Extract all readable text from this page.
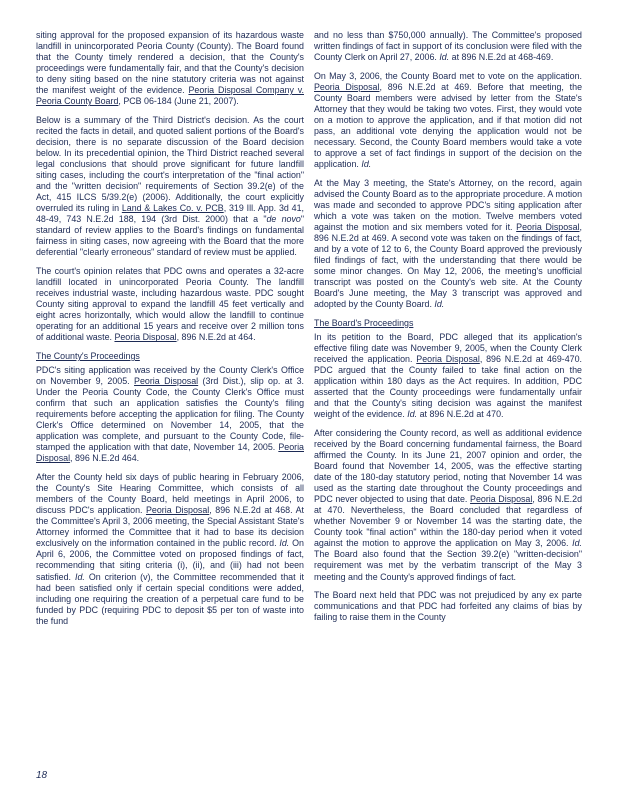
siting approval for the proposed expansion of its hazardous waste landfill in unincorporated Peoria County (County). The Board found that the County timely rendered a decision, that the County's proceedings were fundamentally fair, and that the County's decision to deny siting based on the nine statutory criteria was not against the manifest weight of the evidence. Peoria Disposal Company v. Peoria County Board, PCB 06-184 (June 21, 2007).

Below is a summary of the Third District's decision. As the court recited the facts in detail, and quoted salient portions of the Board's decision, there is no separate discussion of the Board decision below. In its precedential opinion, the Third District reached several legal conclusions that should prove significant for future landfill siting cases, including the court's interpretation of the "final action" and the "written decision" requirements of Section 39.2(e) of the Act, 415 ILCS 5/39.2(e) (2006). Additionally, the court explicitly overruled its ruling in Land & Lakes Co. v. PCB, 319 Ill. App. 3d 41, 48-49, 743 N.E.2d 188, 194 (3rd Dist. 2000) that a "de novo" standard of review applies to the Board's findings on fundamental fairness in siting cases, now agreeing with the Board that the more deferential "clearly erroneous" standard of review must be applied.

The court's opinion relates that PDC owns and operates a 32-acre landfill located in unincorporated Peoria County. The landfill receives industrial waste, including hazardous waste. PDC sought County siting approval to expand the landfill 45 feet vertically and eight acres horizontally, which would allow the landfill to continue operating for an additional 15 years and receive over 2 million tons of additional waste. Peoria Disposal, 896 N.E.2d at 464.

The County's Proceedings

PDC's siting application was received by the County Clerk's Office on November 9, 2005. Peoria Disposal (3rd Dist.), slip op. at 3. Under the Peoria County Code, the County Clerk's Office must confirm that such an application satisfies the County's filing requirements before accepting the application for filing. The County Clerk's Office determined on November 14, 2005, that the application was complete, and pursuant to the County Code, file-stamped the application with that date, November 14, 2005. Peoria Disposal, 896 N.E.2d 464.

After the County held six days of public hearing in February 2006, the County's Site Hearing Committee, which consists of all members of the County Board, held meetings in April 2006, to discuss PDC's application. Peoria Disposal, 896 N.E.2d at 468. At the Committee's April 3, 2006 meeting, the Special Assistant State's Attorney informed the Committee that it had to base its decision exclusively on the information contained in the public record. Id. On April 6, 2006, the Committee voted on proposed findings of fact, recommending that siting criteria (i), (ii), and (iii) had not been satisfied. Id. On criterion (v), the Committee recommended that it had been satisfied only if certain special conditions were added, including one requiring the creation of a perpetual care fund to be funded by PDC (requiring PDC to deposit $5 per ton of waste into the fund

and no less than $750,000 annually). The Committee's proposed written findings of fact in support of its conclusion were filed with the County Clerk on April 27, 2006. Id. at 896 N.E.2d at 468-469.

On May 3, 2006, the County Board met to vote on the application. Peoria Disposal, 896 N.E.2d at 469. Before that meeting, the County Board members were advised by letter from the State's Attorney that they would be taking two votes. First, they would vote on a motion to approve the application, and if that motion did not pass, an additional vote denying the application would not be necessary. Second, the County Board members would take a vote to approve a set of fact findings in support of the decision on the application. Id.

At the May 3 meeting, the State's Attorney, on the record, again advised the County Board as to the appropriate procedure. A motion was made and seconded to approve PDC's siting application after which a vote was taken on the motion. Twelve members voted against the motion and six members voted for it. Peoria Disposal, 896 N.E.2d at 469. A second vote was taken on the findings of fact, and by a vote of 12 to 6, the County Board approved the previously filed findings of fact, with the understanding that there would be some minor changes. On May 12, 2006, the meeting's unofficial transcript was posted on the County's web site. At the County Board's June meeting, the May 3 transcript was approved and adopted by the County Board. Id.

The Board's Proceedings

In its petition to the Board, PDC alleged that its application's effective filing date was November 9, 2005, when the County Clerk received the application. Peoria Disposal, 896 N.E.2d at 469-470. PDC argued that the County failed to take final action on the application within 180 days as the Act requires. In addition, PDC asserted that the County proceedings were fundamentally unfair and that the County's siting decision was against the manifest weight of the evidence. Id. at 896 N.E.2d at 470.

After considering the County record, as well as additional evidence received by the Board concerning fundamental fairness, the Board affirmed the County. In its June 21, 2007 opinion and order, the Board found that November 14, 2005, was the effective starting date of the 180-day statutory period, noting that November 14 was used as the starting date throughout the County proceedings and PDC never objected to using that date. Peoria Disposal, 896 N.E.2d at 470. Nevertheless, the Board concluded that regardless of whether November 9 or November 14 was the starting date, the County took "final action" within the 180-day period when it voted against the motion to approve the application on May 3, 2006. Id. The Board also found that the Section 39.2(e) "written-decision" requirement was met by the verbatim transcript of the May 3 meeting and the County's approved findings of fact.

The Board next held that PDC was not prejudiced by any ex parte communications and that PDC had forfeited any claims of bias by failing to raise them in the County

18
